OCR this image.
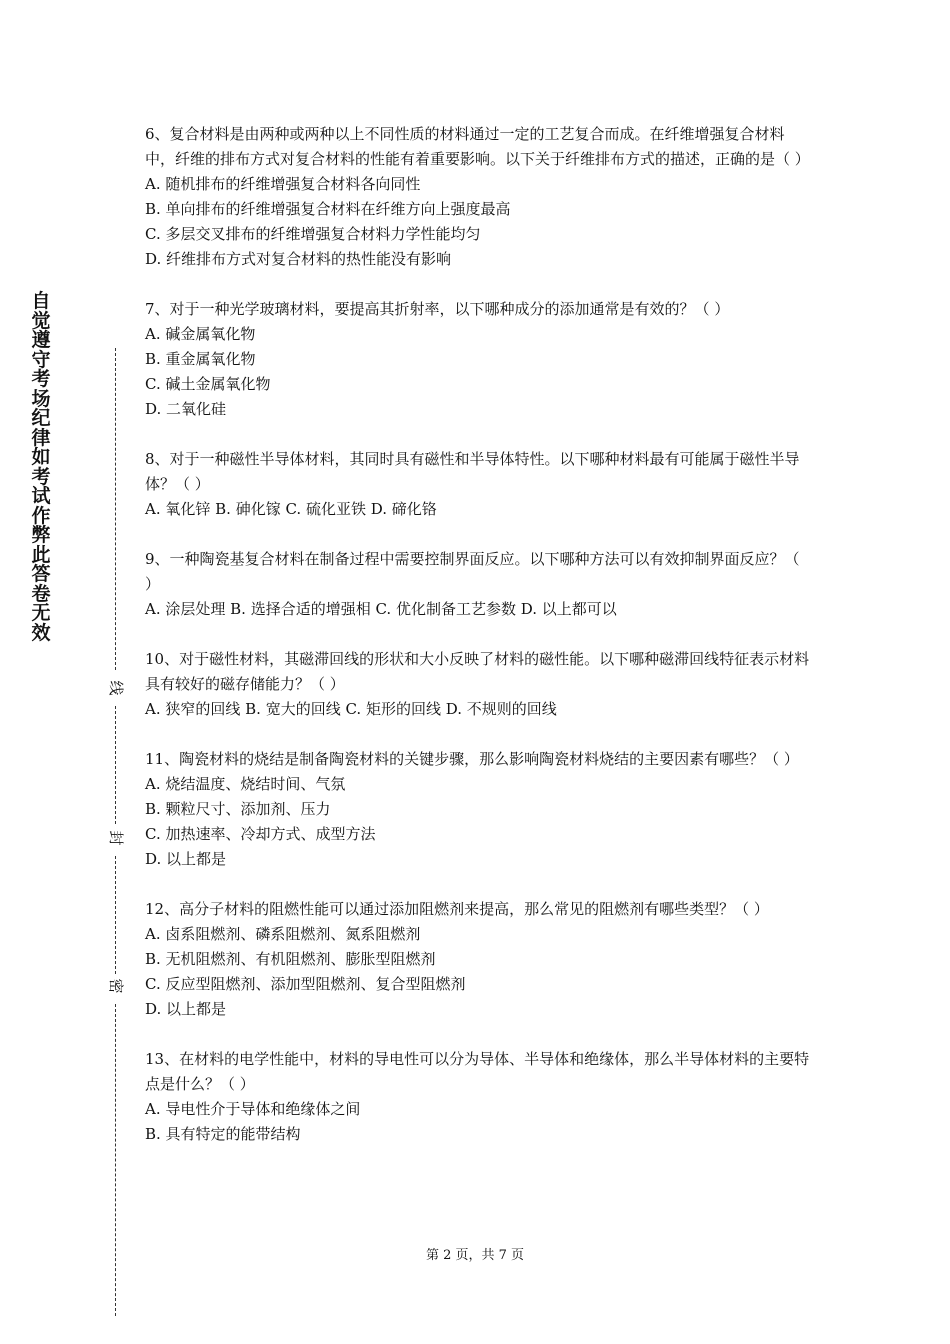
自觉遵守考场纪律如考试作弊此答卷无效
线
封
密

6、复合材料是由两种或两种以上不同性质的材料通过一定的工艺复合而成。在纤维增强复合材料中，纤维的排布方式对复合材料的性能有着重要影响。以下关于纤维排布方式的描述，正确的是（ ）

A. 随机排布的纤维增强复合材料各向同性

B. 单向排布的纤维增强复合材料在纤维方向上强度最高

C. 多层交叉排布的纤维增强复合材料力学性能均匀

D. 纤维排布方式对复合材料的热性能没有影响

7、对于一种光学玻璃材料，要提高其折射率，以下哪种成分的添加通常是有效的？（ ）

A. 碱金属氧化物

B. 重金属氧化物

C. 碱土金属氧化物

D. 二氧化硅

8、对于一种磁性半导体材料，其同时具有磁性和半导体特性。以下哪种材料最有可能属于磁性半导体？（ ）

A. 氧化锌 B. 砷化镓 C. 硫化亚铁 D. 碲化铬

9、一种陶瓷基复合材料在制备过程中需要控制界面反应。以下哪种方法可以有效抑制界面反应？（ ）

A. 涂层处理 B. 选择合适的增强相 C. 优化制备工艺参数 D. 以上都可以

10、对于磁性材料，其磁滞回线的形状和大小反映了材料的磁性能。以下哪种磁滞回线特征表示材料具有较好的磁存储能力？（ ）

A. 狭窄的回线 B. 宽大的回线 C. 矩形的回线 D. 不规则的回线

11、陶瓷材料的烧结是制备陶瓷材料的关键步骤，那么影响陶瓷材料烧结的主要因素有哪些？（ ）

A. 烧结温度、烧结时间、气氛

B. 颗粒尺寸、添加剂、压力

C. 加热速率、冷却方式、成型方法

D. 以上都是

12、高分子材料的阻燃性能可以通过添加阻燃剂来提高，那么常见的阻燃剂有哪些类型？（ ）

A. 卤系阻燃剂、磷系阻燃剂、氮系阻燃剂

B. 无机阻燃剂、有机阻燃剂、膨胀型阻燃剂

C. 反应型阻燃剂、添加型阻燃剂、复合型阻燃剂

D. 以上都是

13、在材料的电学性能中，材料的导电性可以分为导体、半导体和绝缘体，那么半导体材料的主要特点是什么？（ ）

A. 导电性介于导体和绝缘体之间

B. 具有特定的能带结构

第 2 页，共 7 页
